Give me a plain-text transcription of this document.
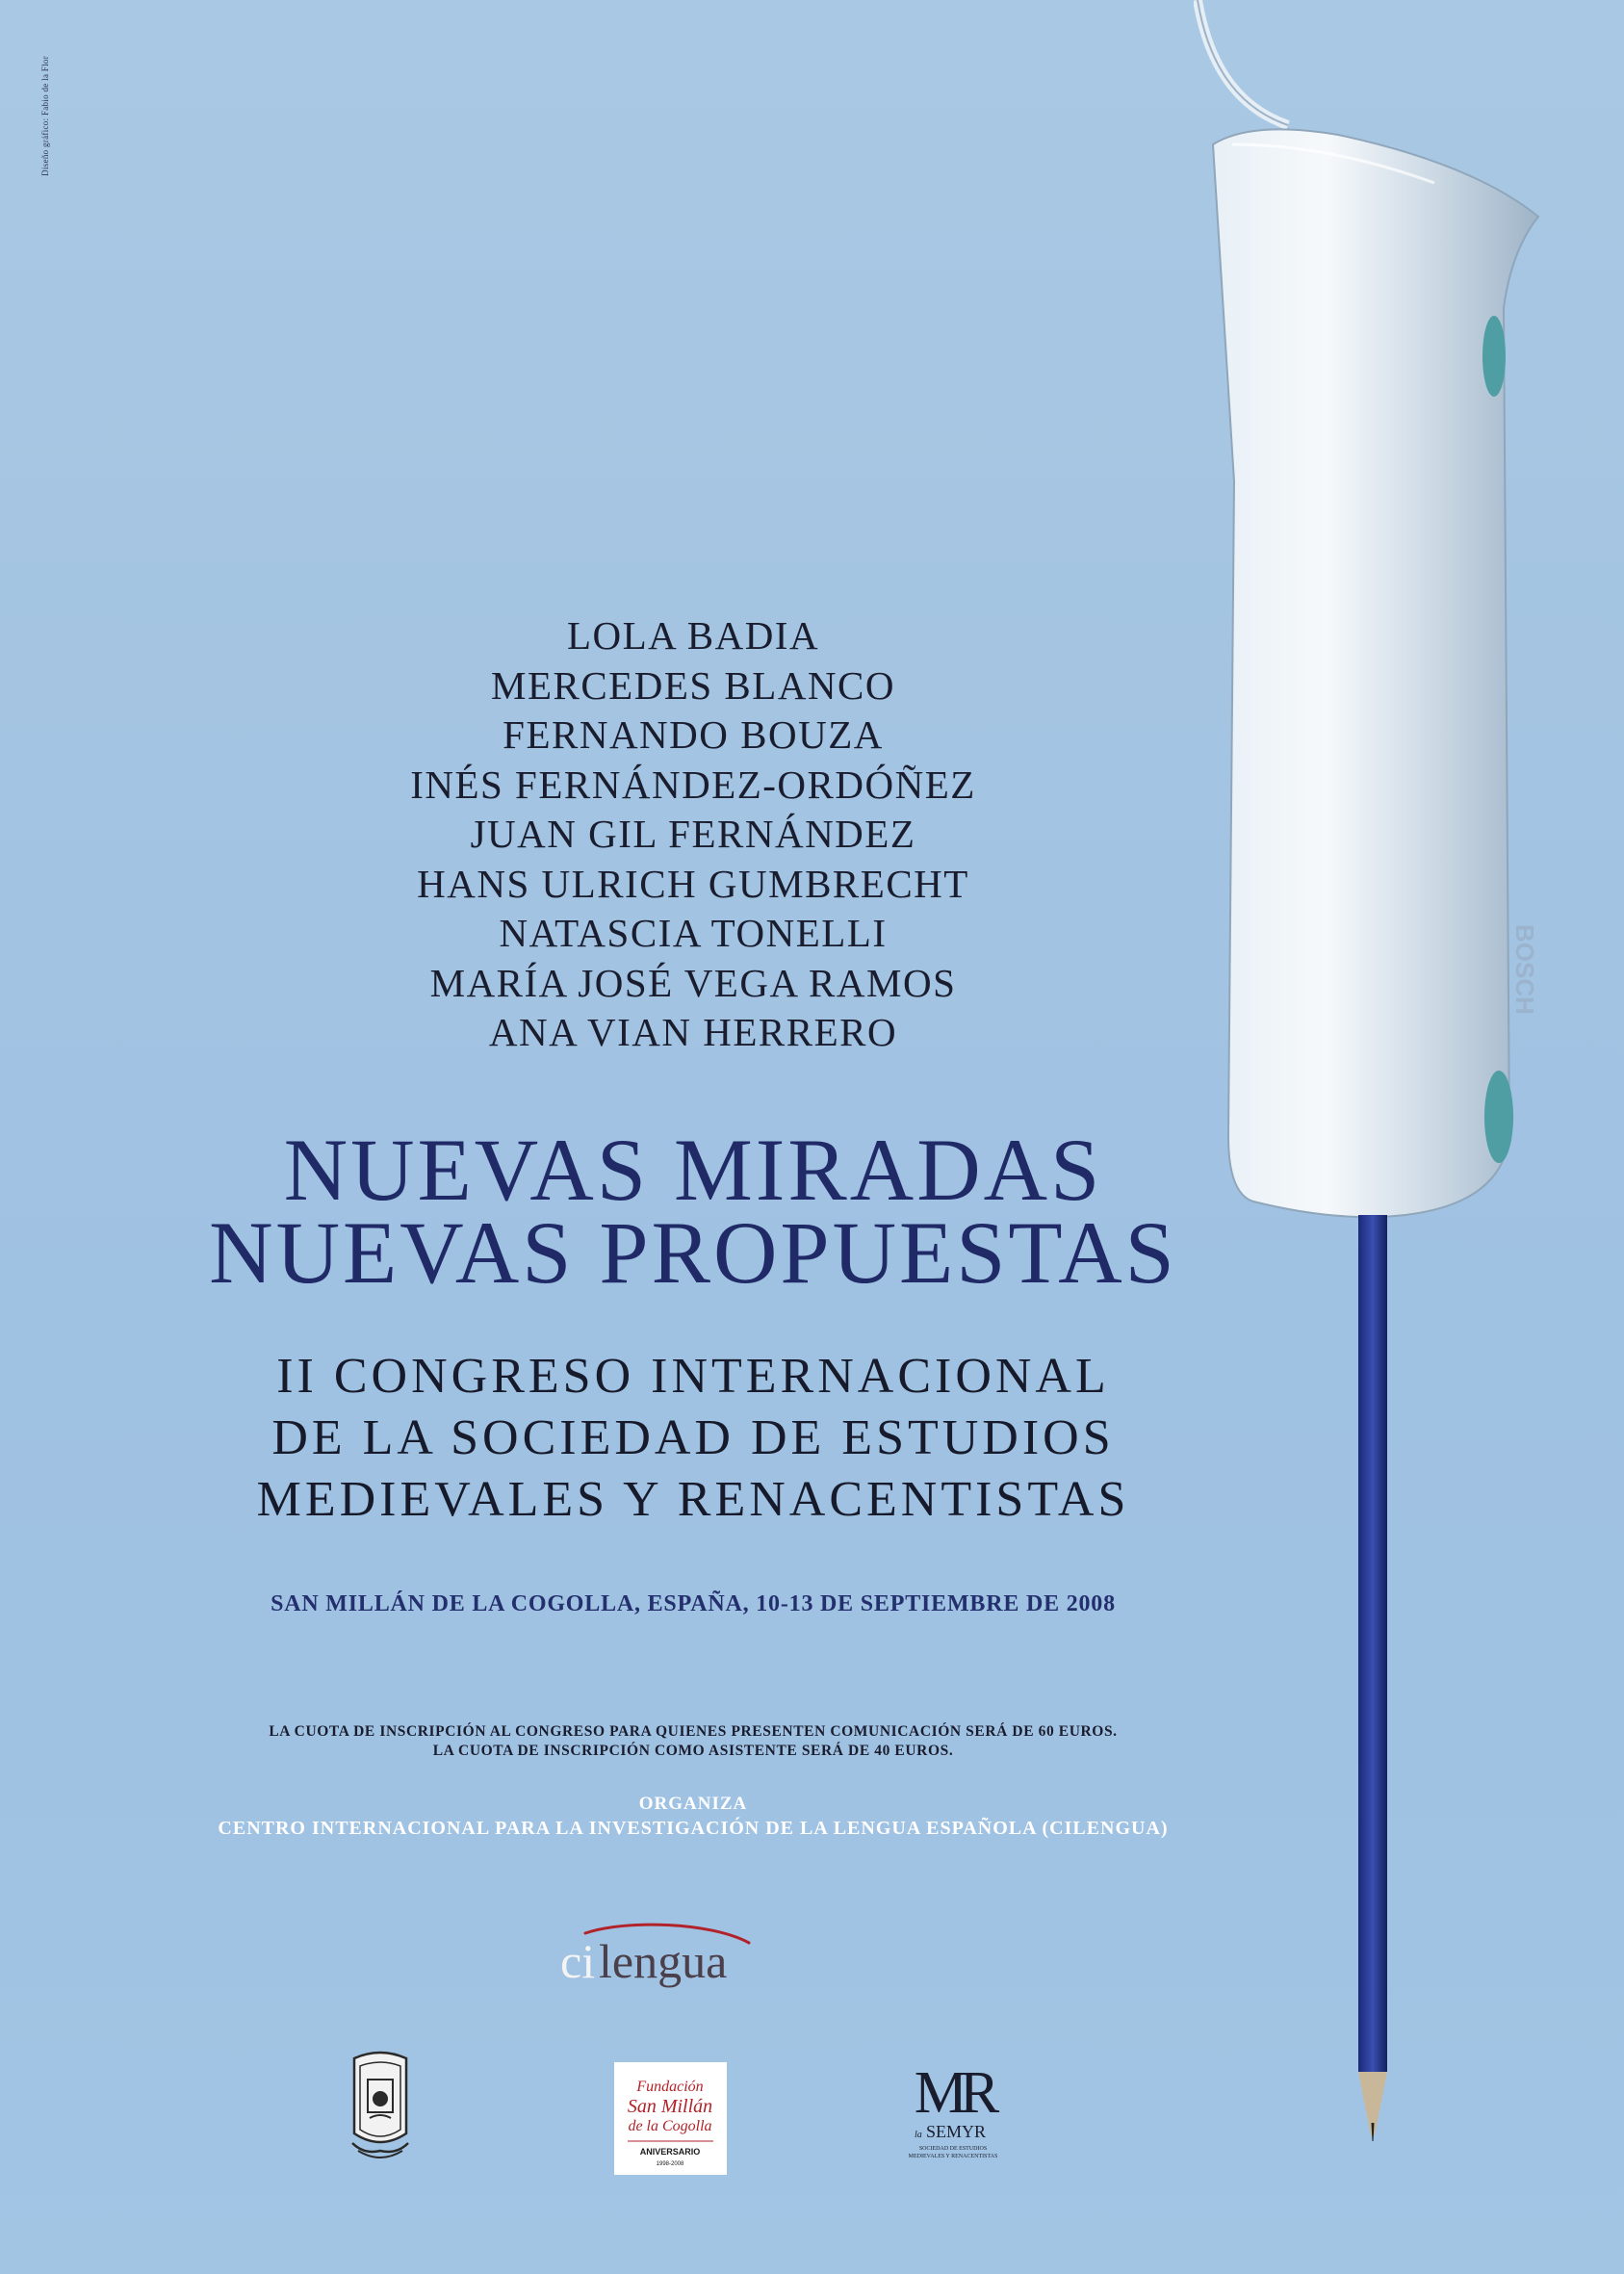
Diseño gráfico: Fabio de la Flor
LOLA BADIA
MERCEDES BLANCO
FERNANDO BOUZA
INÉS FERNÁNDEZ-ORDÓÑEZ
JUAN GIL FERNÁNDEZ
HANS ULRICH GUMBRECHT
NATASCIA TONELLI
MARÍA JOSÉ VEGA RAMOS
ANA VIAN HERRERO
NUEVAS MIRADAS
NUEVAS PROPUESTAS
II CONGRESO INTERNACIONAL
DE LA SOCIEDAD DE ESTUDIOS
MEDIEVALES Y RENACENTISTAS
SAN MILLÁN DE LA COGOLLA, ESPAÑA, 10-13 DE SEPTIEMBRE DE 2008
LA CUOTA DE INSCRIPCIÓN AL CONGRESO PARA QUIENES PRESENTEN COMUNICACIÓN SERÁ DE 60 EUROS.
LA CUOTA DE INSCRIPCIÓN COMO ASISTENTE SERÁ DE 40 EUROS.
ORGANIZA
CENTRO INTERNACIONAL PARA LA INVESTIGACIÓN DE LA LENGUA ESPAÑOLA (CILENGUA)
ci lengua
Fundación
San Millán
de la Cogolla
ANIVERSARIO
1998-2008
MR
la SEMYR
SOCIEDAD DE ESTUDIOS
MEDIEVALES Y RENACENTISTAS
BOSCH
